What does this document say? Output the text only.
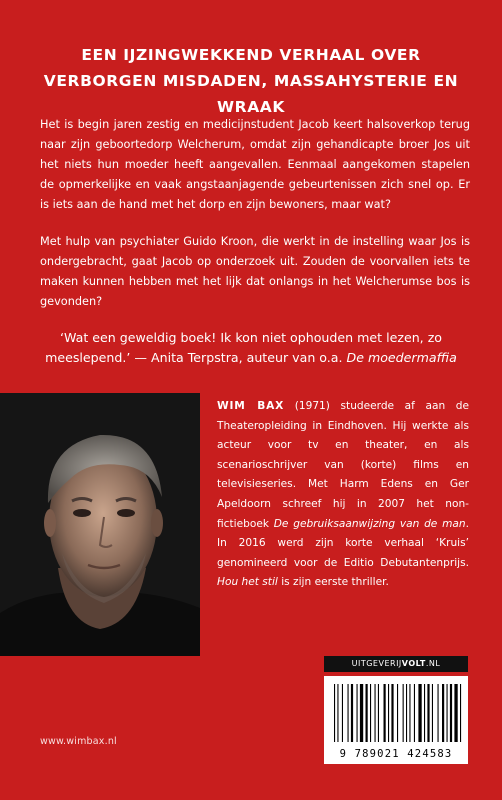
EEN IJZINGWEKKEND VERHAAL OVER VERBORGEN MISDADEN, MASSAHYSTERIE EN WRAAK
Het is begin jaren zestig en medicijnstudent Jacob keert halsoverkop terug naar zijn geboortedorp Welcherum, omdat zijn gehandicapte broer Jos uit het niets hun moeder heeft aangevallen. Eenmaal aangekomen stapelen de opmerkelijke en vaak angstaanjagende gebeurtenissen zich snel op. Er is iets aan de hand met het dorp en zijn bewoners, maar wat?
Met hulp van psychiater Guido Kroon, die werkt in de instelling waar Jos is ondergebracht, gaat Jacob op onderzoek uit. Zouden de voorvallen iets te maken kunnen hebben met het lijk dat onlangs in het Welcherumse bos is gevonden?
‘Wat een geweldig boek! Ik kon niet ophouden met lezen, zo meeslepend.’ — Anita Terpstra, auteur van o.a. De moedermaffia
WIM BAX (1971) studeerde af aan de Theateropleiding in Eindhoven. Hij werkte als acteur voor tv en theater, en als scenarioschrijver van (korte) films en televisieseries. Met Harm Edens en Ger Apeldoorn schreef hij in 2007 het non-fictieboek De gebruiksaanwijzing van de man. In 2016 werd zijn korte verhaal ‘Kruis’ genomineerd voor de Editio Debutantenprijs. Hou het stil is zijn eerste thriller.
www.wimbax.nl
UITGEVERIJVOLT.NL
9 789021 424583
